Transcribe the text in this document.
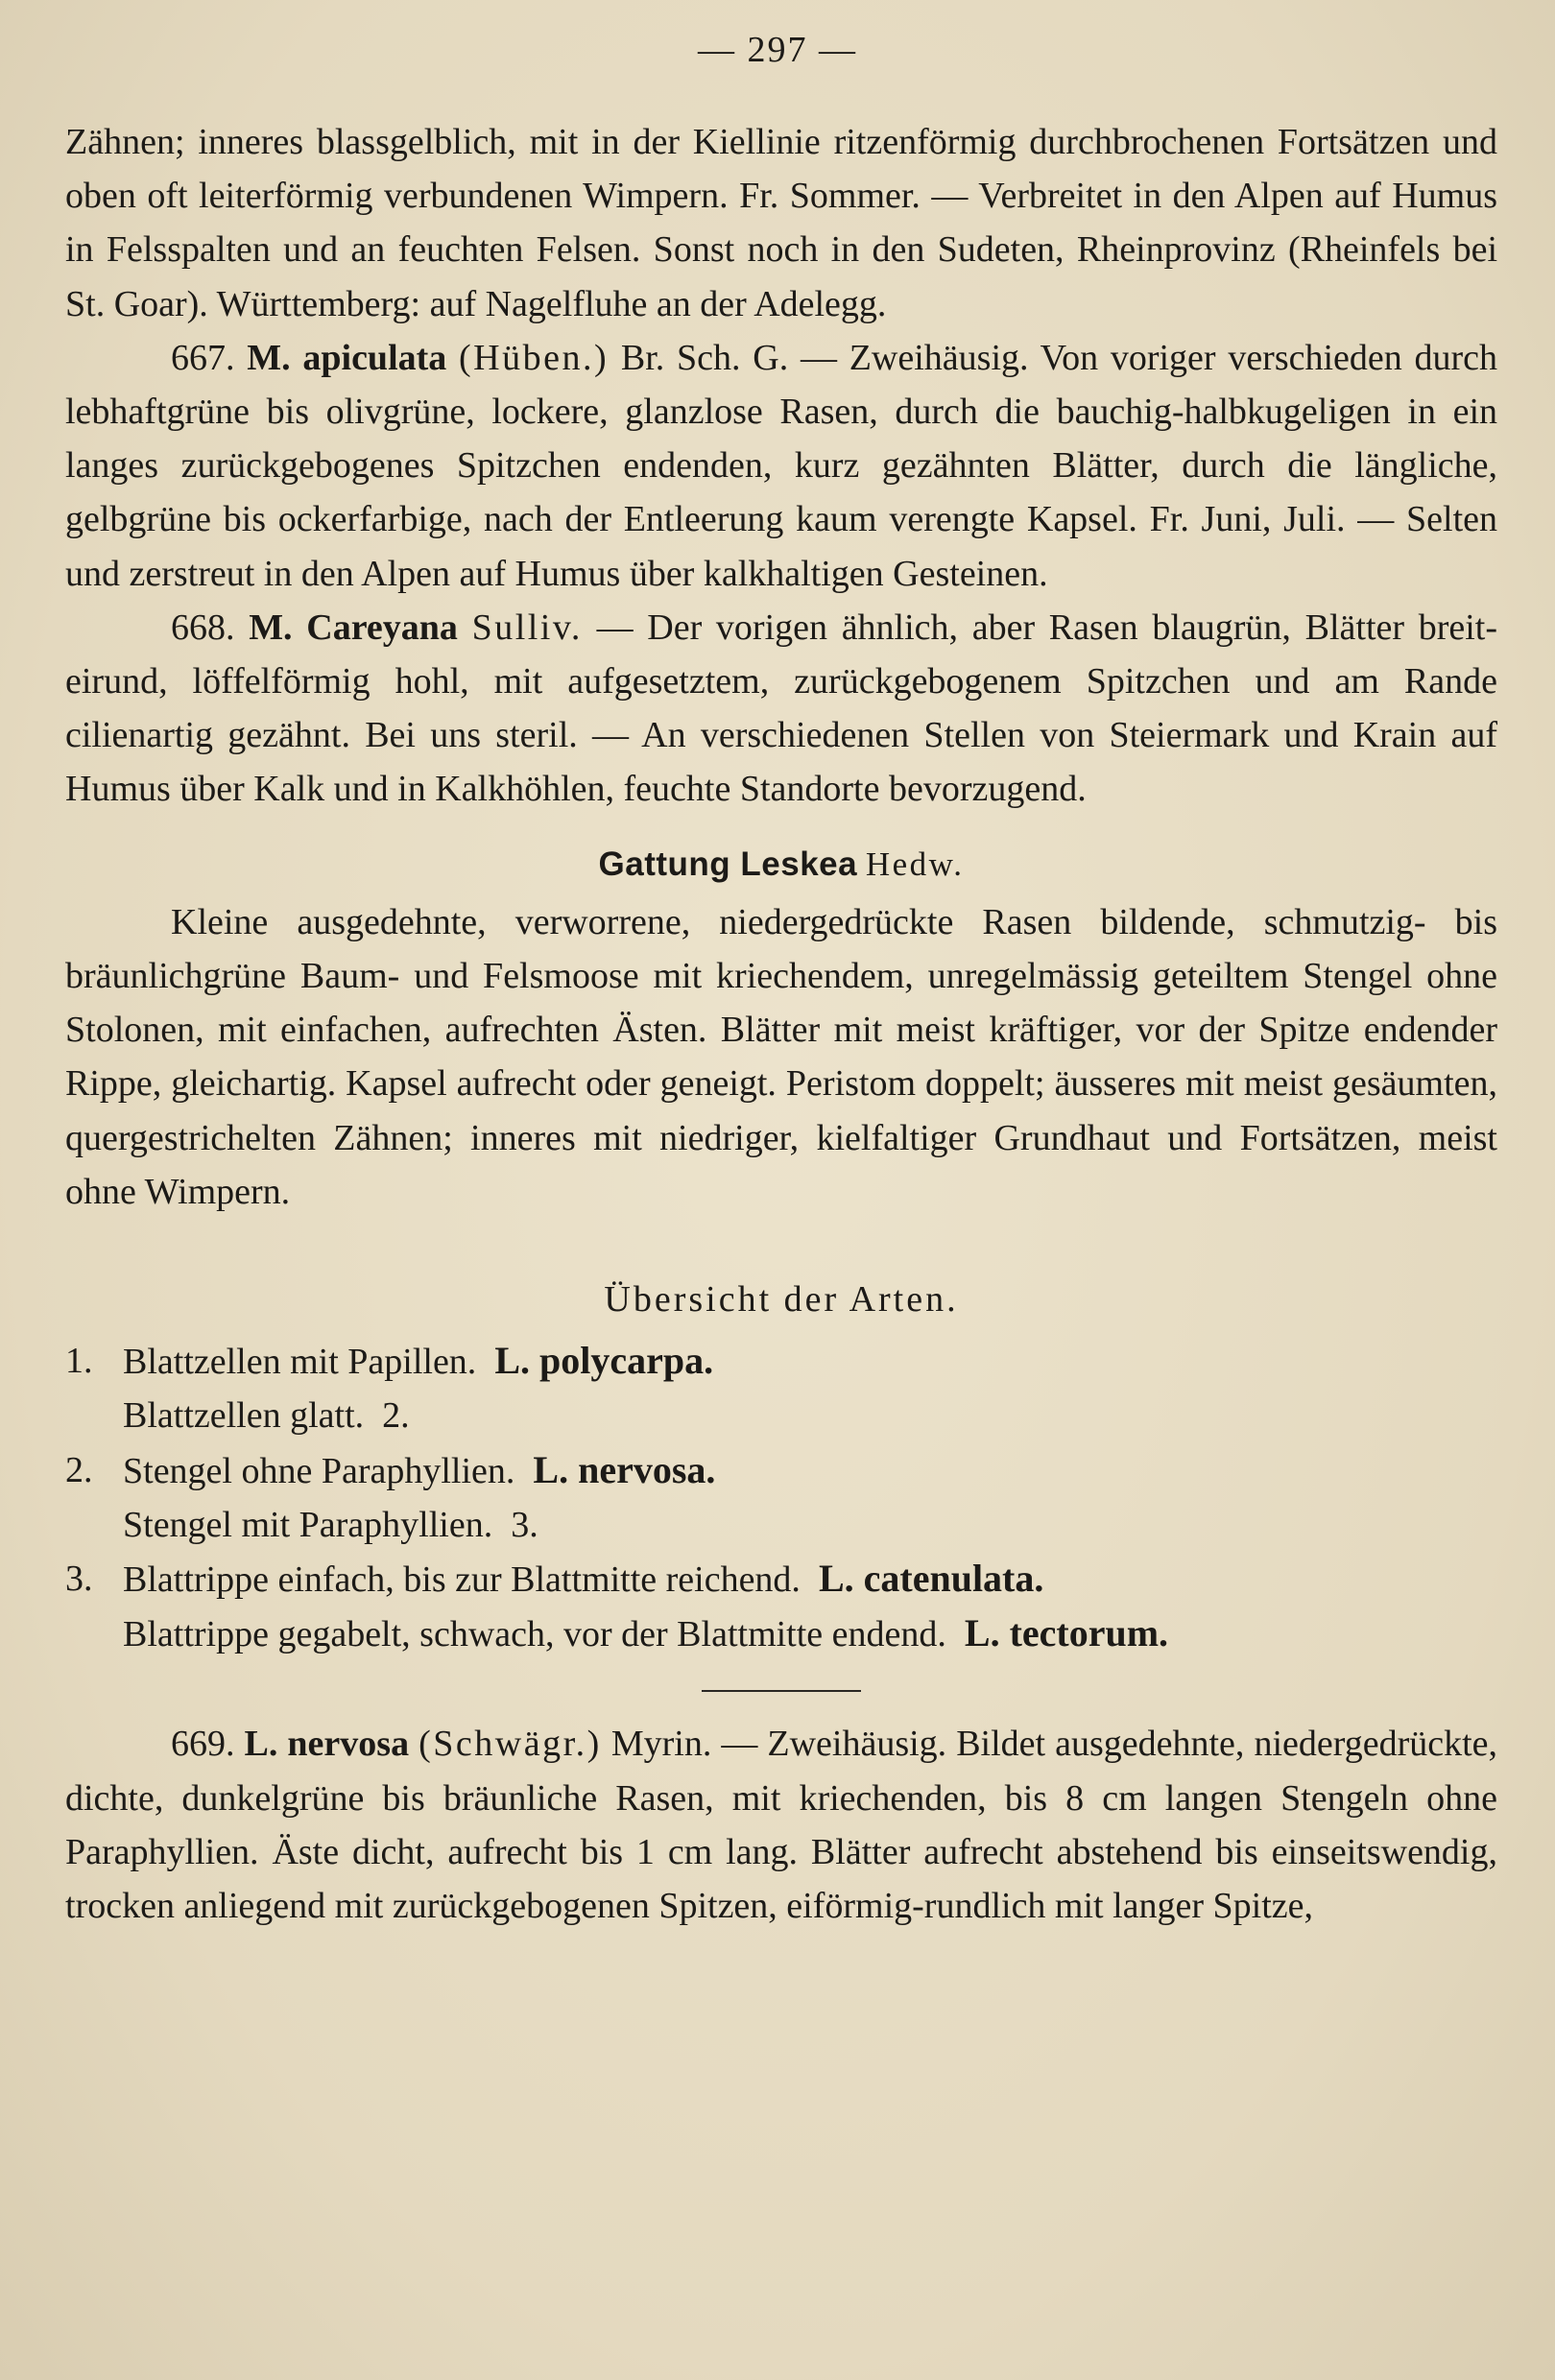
— 297 —

Zähnen; inneres blassgelblich, mit in der Kiellinie ritzenförmig durchbrochenen Fortsätzen und oben oft leiterförmig verbundenen Wimpern. Fr. Sommer. — Verbreitet in den Alpen auf Humus in Felsspalten und an feuchten Felsen. Sonst noch in den Sudeten, Rheinprovinz (Rheinfels bei St. Goar). Württemberg: auf Nagelfluhe an der Adelegg.

667. M. apiculata (Hüben.) Br. Sch. G. — Zweihäusig. Von voriger verschieden durch lebhaftgrüne bis olivgrüne, lockere, glanzlose Rasen, durch die bauchig-halbkugeligen in ein langes zurückgebogenes Spitzchen endenden, kurz gezähnten Blätter, durch die längliche, gelbgrüne bis ockerfarbige, nach der Entleerung kaum verengte Kapsel. Fr. Juni, Juli. — Selten und zerstreut in den Alpen auf Humus über kalkhaltigen Gesteinen.

668. M. Careyana Sulliv. — Der vorigen ähnlich, aber Rasen blaugrün, Blätter breit-eirund, löffelförmig hohl, mit aufgesetztem, zurückgebogenem Spitzchen und am Rande cilienartig gezähnt. Bei uns steril. — An verschiedenen Stellen von Steiermark und Krain auf Humus über Kalk und in Kalkhöhlen, feuchte Standorte bevorzugend.

Gattung Leskea Hedw.

Kleine ausgedehnte, verworrene, niedergedrückte Rasen bildende, schmutzig- bis bräunlichgrüne Baum- und Felsmoose mit kriechendem, unregelmässig geteiltem Stengel ohne Stolonen, mit einfachen, aufrechten Ästen. Blätter mit meist kräftiger, vor der Spitze endender Rippe, gleichartig. Kapsel aufrecht oder geneigt. Peristom doppelt; äusseres mit meist gesäumten, quergestrichelten Zähnen; inneres mit niedriger, kielfaltiger Grundhaut und Fortsätzen, meist ohne Wimpern.

Übersicht der Arten.
1. Blattzellen mit Papillen. L. polycarpa.
Blattzellen glatt. 2.
2. Stengel ohne Paraphyllien. L. nervosa.
Stengel mit Paraphyllien. 3.
3. Blattrippe einfach, bis zur Blattmitte reichend. L. catenulata.
Blattrippe gegabelt, schwach, vor der Blattmitte endend. L. tectorum.

669. L. nervosa (Schwägr.) Myrin. — Zweihäusig. Bildet ausgedehnte, niedergedrückte, dichte, dunkelgrüne bis bräunliche Rasen, mit kriechenden, bis 8 cm langen Stengeln ohne Paraphyllien. Äste dicht, aufrecht bis 1 cm lang. Blätter aufrecht abstehend bis einseitswendig, trocken anliegend mit zurückgebogenen Spitzen, eiförmig-rundlich mit langer Spitze,
